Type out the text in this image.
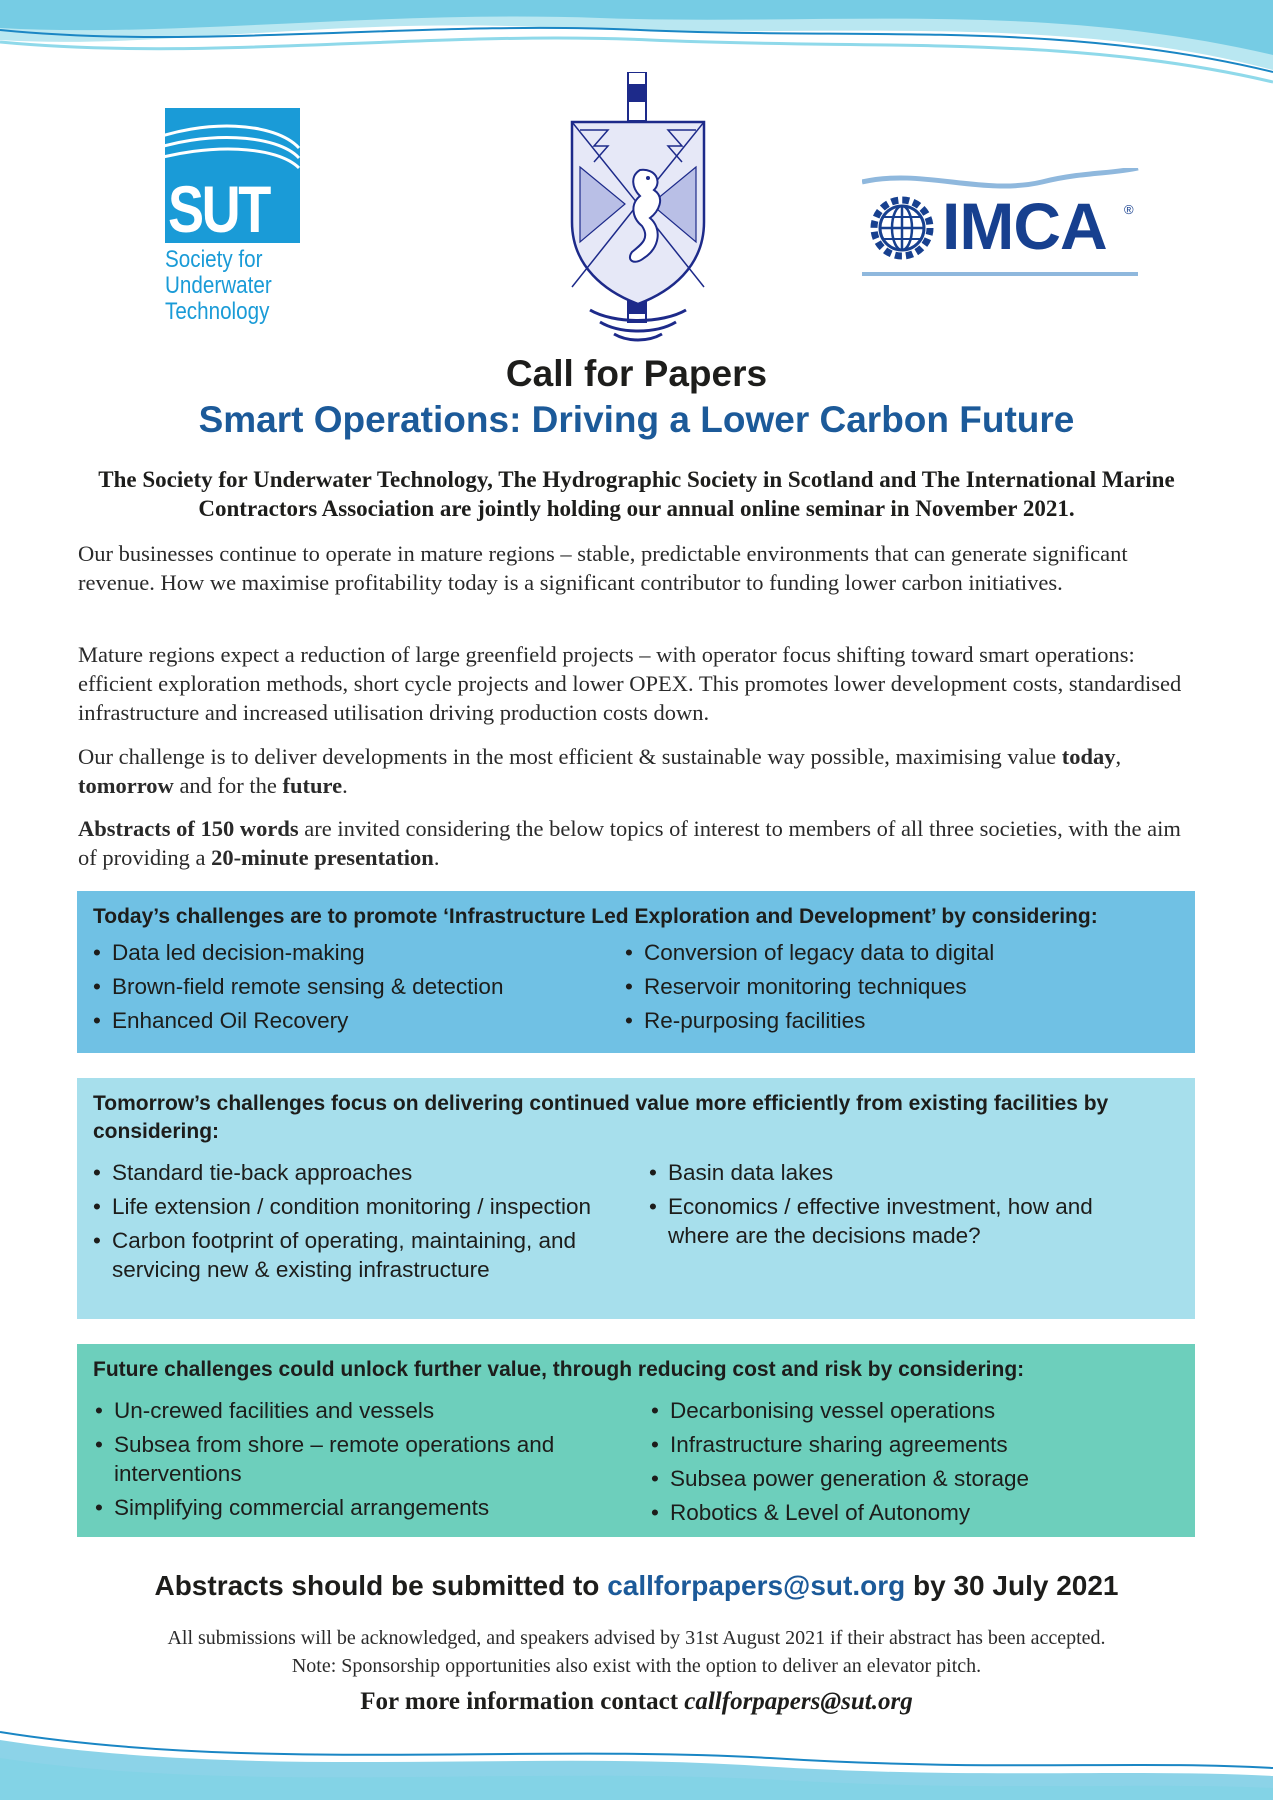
SUT
Society for
Underwater
Technology
IMCA ®
Call for Papers
Smart Operations: Driving a Lower Carbon Future
The Society for Underwater Technology, The Hydrographic Society in Scotland and The International Marine Contractors Association are jointly holding our annual online seminar in November 2021.

Our businesses continue to operate in mature regions – stable, predictable environments that can generate significant revenue. How we maximise profitability today is a significant contributor to funding lower carbon initiatives.

Mature regions expect a reduction of large greenfield projects – with operator focus shifting toward smart operations: efficient exploration methods, short cycle projects and lower OPEX. This promotes lower development costs, standardised infrastructure and increased utilisation driving production costs down.

Our challenge is to deliver developments in the most efficient & sustainable way possible, maximising value today, tomorrow and for the future.

Abstracts of 150 words are invited considering the below topics of interest to members of all three societies, with the aim of providing a 20-minute presentation.

Today’s challenges are to promote ‘Infrastructure Led Exploration and Development’ by considering:
• Data led decision-making
• Brown-field remote sensing & detection
• Enhanced Oil Recovery
• Conversion of legacy data to digital
• Reservoir monitoring techniques
• Re-purposing facilities
Tomorrow’s challenges focus on delivering continued value more efficiently from existing facilities by considering:
• Standard tie-back approaches
• Life extension / condition monitoring / inspection
• Carbon footprint of operating, maintaining, and servicing new & existing infrastructure
• Basin data lakes
• Economics / effective investment, how and where are the decisions made?
Future challenges could unlock further value, through reducing cost and risk by considering:
• Un-crewed facilities and vessels
• Subsea from shore – remote operations and interventions
• Simplifying commercial arrangements
• Decarbonising vessel operations
• Infrastructure sharing agreements
• Subsea power generation & storage
• Robotics & Level of Autonomy
Abstracts should be submitted to callforpapers@sut.org by 30 July 2021
All submissions will be acknowledged, and speakers advised by 31st August 2021 if their abstract has been accepted.
Note: Sponsorship opportunities also exist with the option to deliver an elevator pitch.
For more information contact callforpapers@sut.org
